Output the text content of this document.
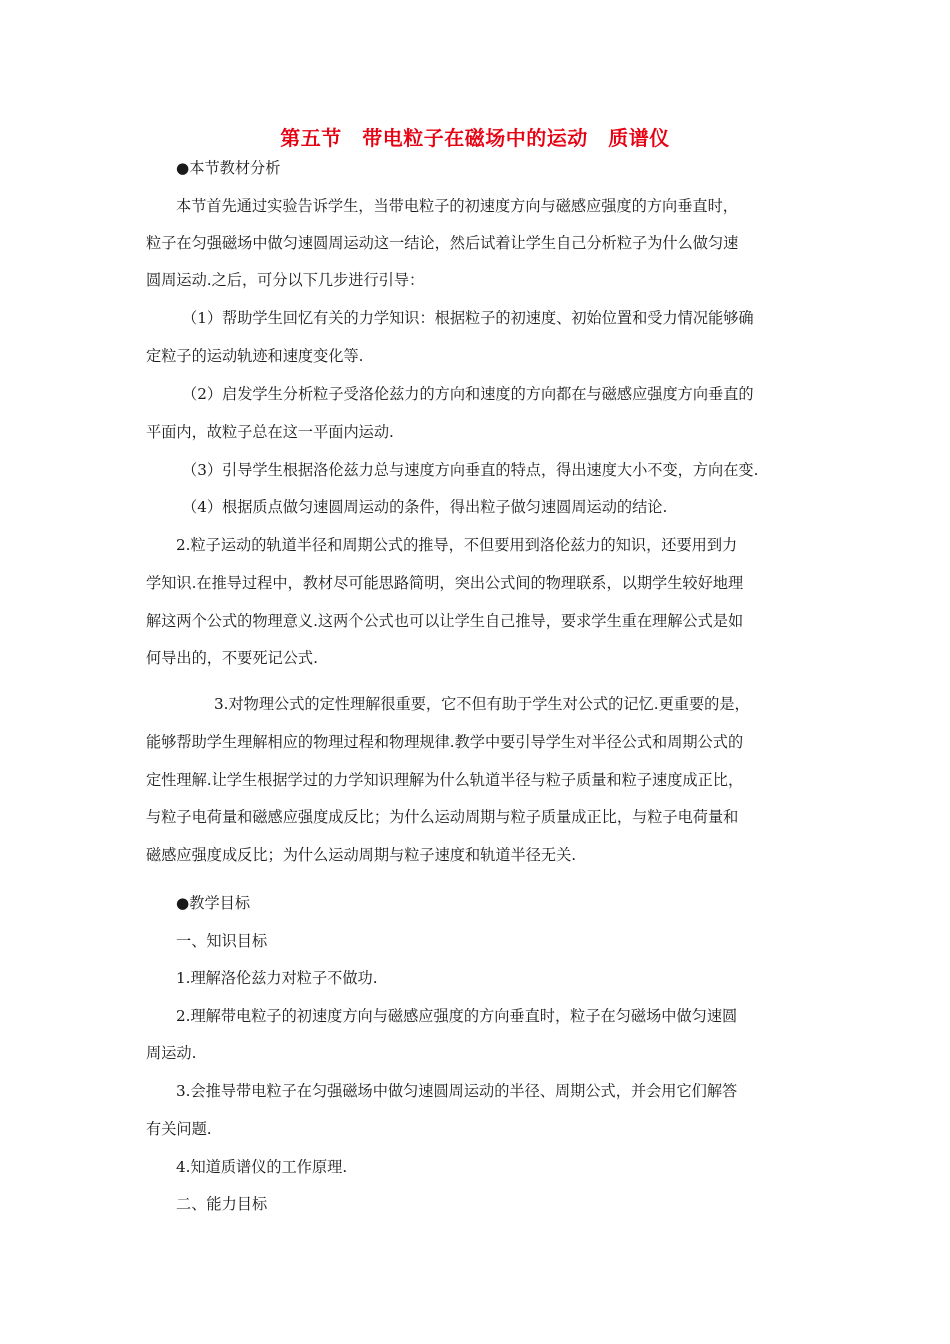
第五节　带电粒子在磁场中的运动　质谱仪
●本节教材分析
本节首先通过实验告诉学生，当带电粒子的初速度方向与磁感应强度的方向垂直时，
粒子在匀强磁场中做匀速圆周运动这一结论，然后试着让学生自己分析粒子为什么做匀速
圆周运动.之后，可分以下几步进行引导：
（1）帮助学生回忆有关的力学知识：根据粒子的初速度、初始位置和受力情况能够确
定粒子的运动轨迹和速度变化等.
（2）启发学生分析粒子受洛伦兹力的方向和速度的方向都在与磁感应强度方向垂直的
平面内，故粒子总在这一平面内运动.
（3）引导学生根据洛伦兹力总与速度方向垂直的特点，得出速度大小不变，方向在变.
（4）根据质点做匀速圆周运动的条件，得出粒子做匀速圆周运动的结论.
2.粒子运动的轨道半径和周期公式的推导，不但要用到洛伦兹力的知识，还要用到力
学知识.在推导过程中，教材尽可能思路简明，突出公式间的物理联系，以期学生较好地理
解这两个公式的物理意义.这两个公式也可以让学生自己推导，要求学生重在理解公式是如
何导出的，不要死记公式.
3.对物理公式的定性理解很重要，它不但有助于学生对公式的记忆.更重要的是，
能够帮助学生理解相应的物理过程和物理规律.教学中要引导学生对半径公式和周期公式的
定性理解.让学生根据学过的力学知识理解为什么轨道半径与粒子质量和粒子速度成正比，
与粒子电荷量和磁感应强度成反比；为什么运动周期与粒子质量成正比，与粒子电荷量和
磁感应强度成反比；为什么运动周期与粒子速度和轨道半径无关.
●教学目标
一、知识目标
1.理解洛伦兹力对粒子不做功.
2.理解带电粒子的初速度方向与磁感应强度的方向垂直时，粒子在匀磁场中做匀速圆
周运动.
3.会推导带电粒子在匀强磁场中做匀速圆周运动的半径、周期公式，并会用它们解答
有关问题.
4.知道质谱仪的工作原理.
二、能力目标
